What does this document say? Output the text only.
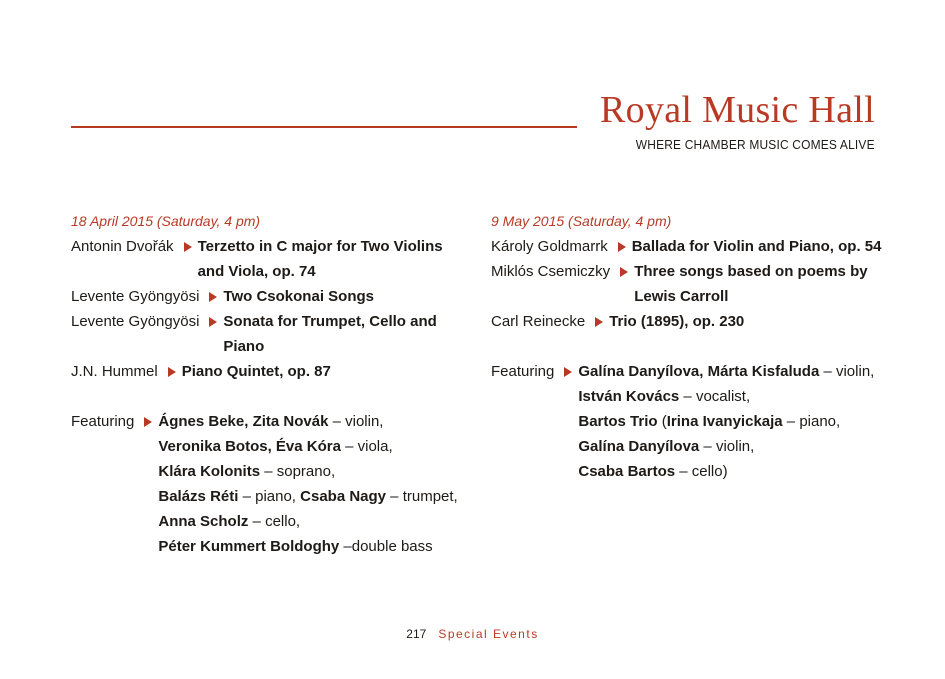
Royal Music Hall
WHERE CHAMBER MUSIC COMES ALIVE
18 April 2015 (Saturday, 4 pm)
Antonin Dvořák Terzetto in C major for Two Violins and Viola, op. 74
Levente Gyöngyösi Two Csokonai Songs
Levente Gyöngyösi Sonata for Trumpet, Cello and Piano
J.N. Hummel Piano Quintet, op. 87
Featuring Ágnes Beke, Zita Novák – violin,
Veronika Botos, Éva Kóra – viola,
Klára Kolonits – soprano,
Balázs Réti – piano, Csaba Nagy – trumpet,
Anna Scholz – cello,
Péter Kummert Boldoghy –double bass
9 May 2015 (Saturday, 4 pm)
Károly Goldmarrk Ballada for Violin and Piano, op. 54
Miklós Csemiczky Three songs based on poems by Lewis Carroll
Carl Reinecke Trio (1895), op. 230
Featuring Galína Danyílova, Márta Kisfaluda – violin,
István Kovács – vocalist,
Bartos Trio (Irina Ivanyickaja – piano,
Galína Danyílova – violin,
Csaba Bartos – cello)
217 Special Events
